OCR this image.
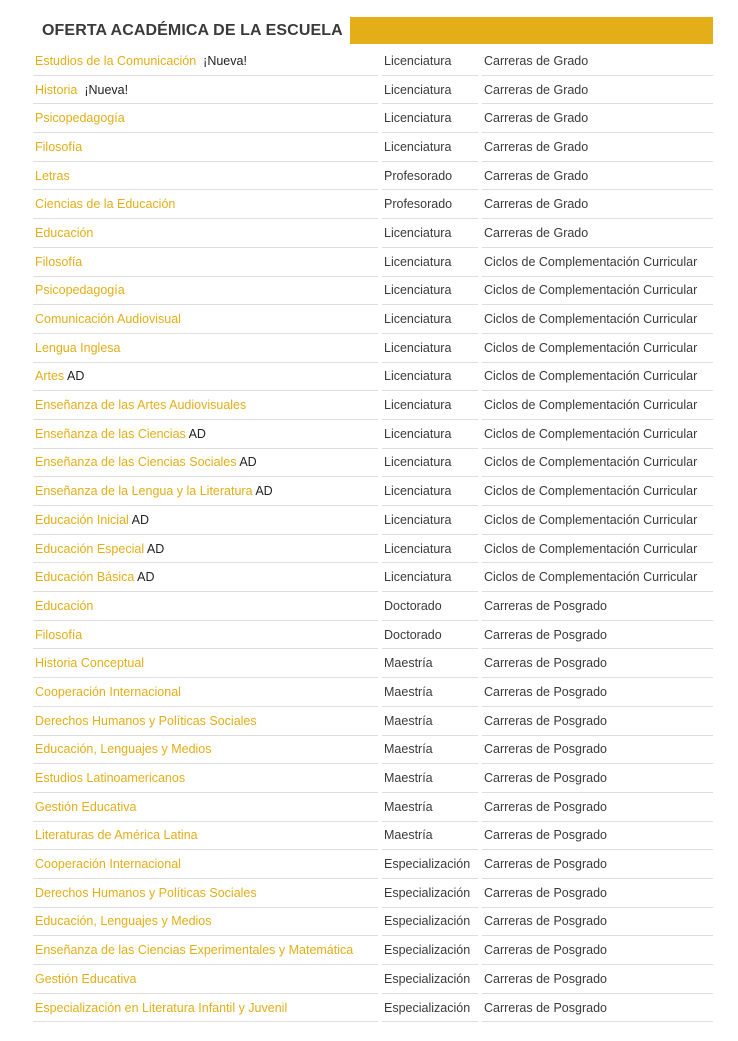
OFERTA ACADÉMICA DE LA ESCUELA
Estudios de la Comunicación ¡Nueva!		Licenciatura		Carreras de Grado
Historia ¡Nueva!		Licenciatura		Carreras de Grado
Psicopedagogía		Licenciatura		Carreras de Grado
Filosofía		Licenciatura		Carreras de Grado
Letras		Profesorado		Carreras de Grado
Ciencias de la Educación		Profesorado		Carreras de Grado
Educación		Licenciatura		Carreras de Grado
Filosofía		Licenciatura		Ciclos de Complementación Curricular
Psicopedagogía		Licenciatura		Ciclos de Complementación Curricular
Comunicación Audiovisual		Licenciatura		Ciclos de Complementación Curricular
Lengua Inglesa		Licenciatura		Ciclos de Complementación Curricular
Artes AD		Licenciatura		Ciclos de Complementación Curricular
Enseñanza de las Artes Audiovisuales		Licenciatura		Ciclos de Complementación Curricular
Enseñanza de las Ciencias AD		Licenciatura		Ciclos de Complementación Curricular
Enseñanza de las Ciencias Sociales AD		Licenciatura		Ciclos de Complementación Curricular
Enseñanza de la Lengua y la Literatura AD		Licenciatura		Ciclos de Complementación Curricular
Educación Inicial AD		Licenciatura		Ciclos de Complementación Curricular
Educación Especial AD		Licenciatura		Ciclos de Complementación Curricular
Educación Básica AD		Licenciatura		Ciclos de Complementación Curricular
Educación		Doctorado		Carreras de Posgrado
Filosofía		Doctorado		Carreras de Posgrado
Historia Conceptual		Maestría		Carreras de Posgrado
Cooperación Internacional		Maestría		Carreras de Posgrado
Derechos Humanos y Políticas Sociales		Maestría		Carreras de Posgrado
Educación, Lenguajes y Medios		Maestría		Carreras de Posgrado
Estudios Latinoamericanos		Maestría		Carreras de Posgrado
Gestión Educativa		Maestría		Carreras de Posgrado
Literaturas de América Latina		Maestría		Carreras de Posgrado
Cooperación Internacional		Especialización		Carreras de Posgrado
Derechos Humanos y Políticas Sociales		Especialización		Carreras de Posgrado
Educación, Lenguajes y Medios		Especialización		Carreras de Posgrado
Enseñanza de las Ciencias Experimentales y Matemática		Especialización		Carreras de Posgrado
Gestión Educativa		Especialización		Carreras de Posgrado
Especialización en Literatura Infantil y Juvenil		Especialización		Carreras de Posgrado
